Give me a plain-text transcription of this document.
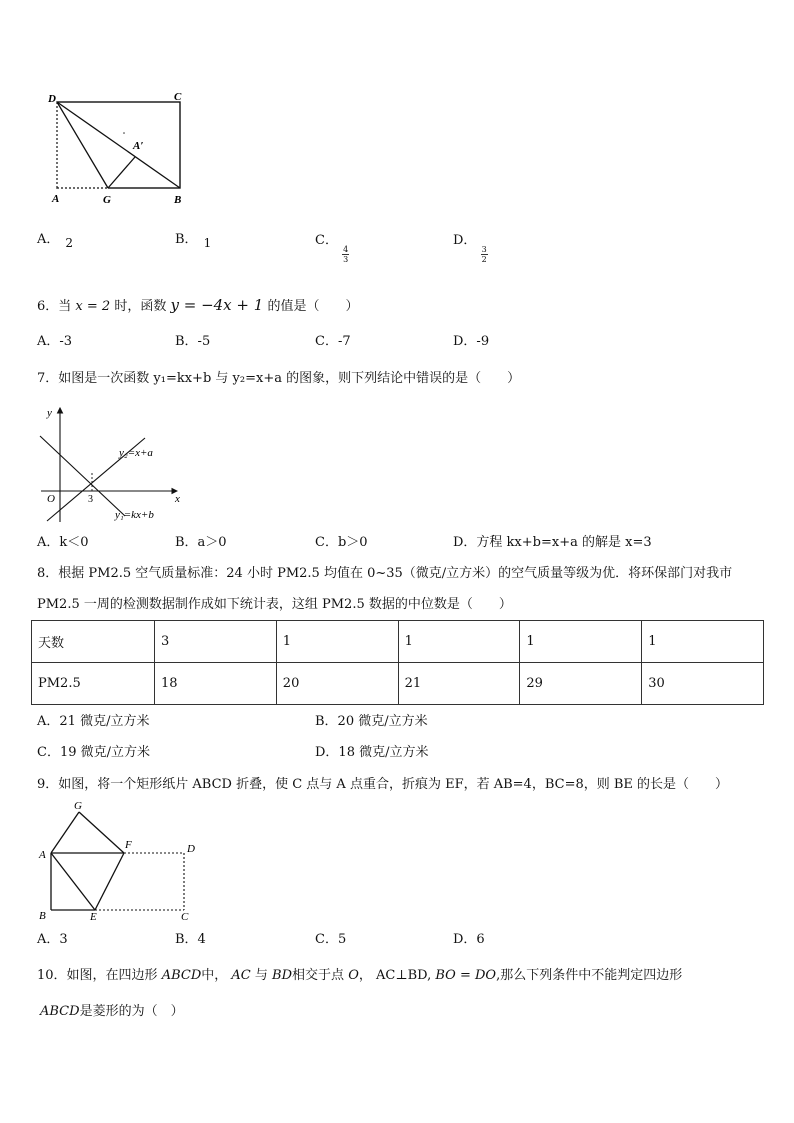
D	C
A	G	B
A′
A． 2	B． 1	C．
$\frac{4}{3}$
D．
$\frac{3}{2}$
6．当 x = 2 时，函数 y = −4x + 1 的值是（　　）
A．-3	B．-5	C．-7	D．-9
7．如图是一次函数 y₁=kx+b 与 y₂=x+a 的图象，则下列结论中错误的是（　　）
y
x
O	3
y₂=x+a
y₁=kx+b
A．k＜0	B．a＞0	C．b＞0	D．方程 kx+b=x+a 的解是 x=3
8．根据 PM2.5 空气质量标准：24 小时 PM2.5 均值在 0~35（微克/立方米）的空气质量等级为优．将环保部门对我市
PM2.5 一周的检测数据制作成如下统计表，这组 PM2.5 数据的中位数是（　　）
天数	3	1	1	1	1
PM2.5	18	20	21	29	30
A．21 微克/立方米	B．20 微克/立方米
C．19 微克/立方米	D．18 微克/立方米
9．如图，将一个矩形纸片 ABCD 折叠，使 C 点与 A 点重合，折痕为 EF，若 AB=4，BC=8，则 BE 的长是（　　）
G
A
F	D
B	E	C
A．3	B．4	C．5	D．6
10．如图，在四边形 ABCD中， AC 与 BD相交于点 O， AC⊥BD, BO = DO,那么下列条件中不能判定四边形
ABCD是菱形的为（　）
